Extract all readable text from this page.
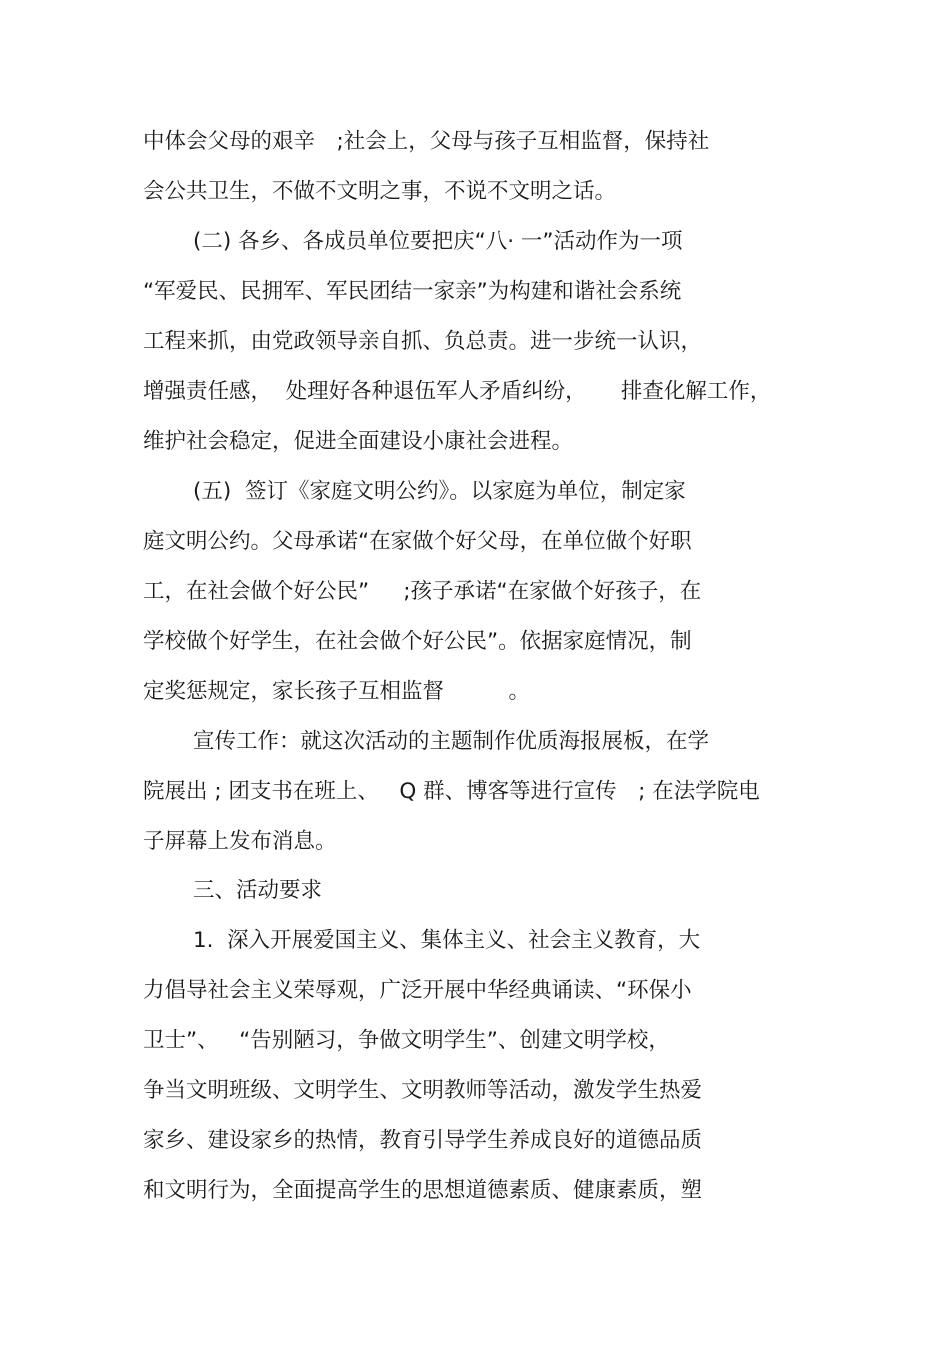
中体会父母的艰辛　;社会上，父母与孩子互相监督，保持社
会公共卫生，不做不文明之事，不说不文明之话。
(二) 各乡、各成员单位要把庆“八· 一”活动作为一项
“军爱民、民拥军、军民团结一家亲”为构建和谐社会系统
工程来抓，由党政领导亲自抓、负总责。进一步统一认识，
增强责任感，  处理好各种退伍军人矛盾纠纷，     排查化解工作，
维护社会稳定，促进全面建设小康社会进程。
(五)  签订《家庭文明公约》。以家庭为单位，制定家
庭文明公约。父母承诺“在家做个好父母，在单位做个好职
工，在社会做个好公民”     ;孩子承诺“在家做个好孩子，在
学校做个好学生，在社会做个好公民”。依据家庭情况，制
定奖惩规定，家长孩子互相监督　　　。
宣传工作：就这次活动的主题制作优质海报展板，在学
院展出 ; 团支书在班上、   Q 群、博客等进行宣传　; 在法学院电
子屏幕上发布消息。
三、活动要求
1.  深入开展爱国主义、集体主义、社会主义教育，大
力倡导社会主义荣辱观，广泛开展中华经典诵读、“环保小
卫士”、   “告别陋习，争做文明学生”、创建文明学校，
争当文明班级、文明学生、文明教师等活动，激发学生热爱
家乡、建设家乡的热情，教育引导学生养成良好的道德品质
和文明行为，全面提高学生的思想道德素质、健康素质，塑
